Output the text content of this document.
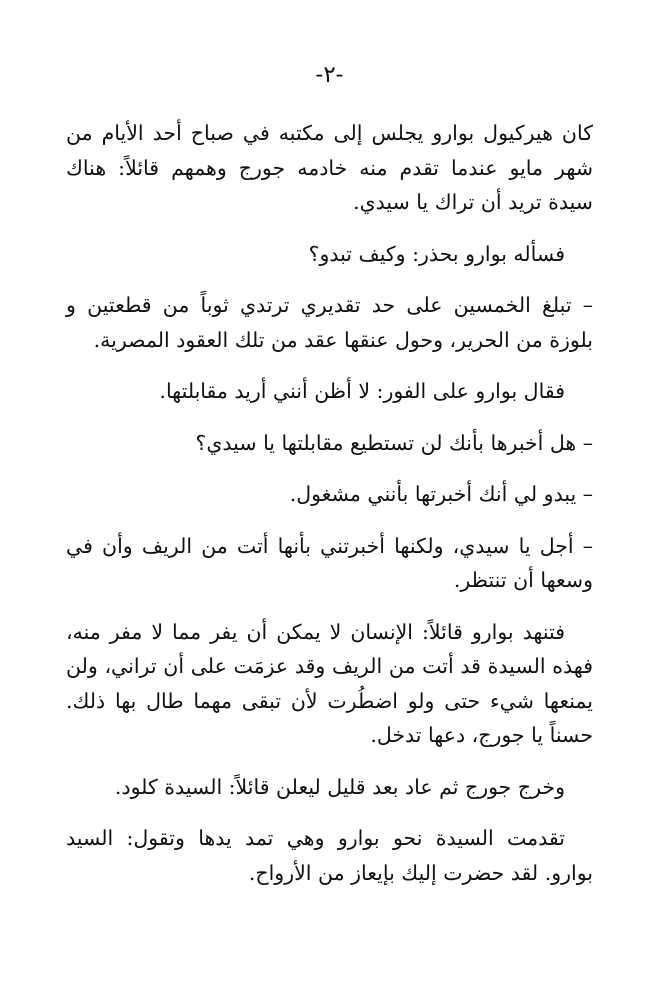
-٢-

كان هيركيول بوارو يجلس إلى مكتبه في صباح أحد الأيام من شهر مايو عندما تقدم منه خادمه جورج وهمهم قائلاً: هناك سيدة تريد أن تراك يا سيدي.

فسأله بوارو بحذر: وكيف تبدو؟

– تبلغ الخمسين على حد تقديري ترتدي ثوباً من قطعتين و بلوزة من الحرير، وحول عنقها عقد من تلك العقود المصرية.

فقال بوارو على الفور: لا أظن أنني أريد مقابلتها.

– هل أخبرها بأنك لن تستطيع مقابلتها يا سيدي؟

– يبدو لي أنك أخبرتها بأنني مشغول.

– أجل يا سيدي، ولكنها أخبرتني بأنها أتت من الريف وأن في وسعها أن تنتظر.

فتنهد بوارو قائلاً: الإنسان لا يمكن أن يفر مما لا مفر منه، فهذه السيدة قد أتت من الريف وقد عزمَت على أن تراني، ولن يمنعها شيء حتى ولو اضطُرت لأن تبقى مهما طال بها ذلك. حسناً يا جورج، دعها تدخل.

وخرج جورج ثم عاد بعد قليل ليعلن قائلاً: السيدة كلود.

تقدمت السيدة نحو بوارو وهي تمد يدها وتقول: السيد بوارو. لقد حضرت إليك بإيعاز من الأرواح.
